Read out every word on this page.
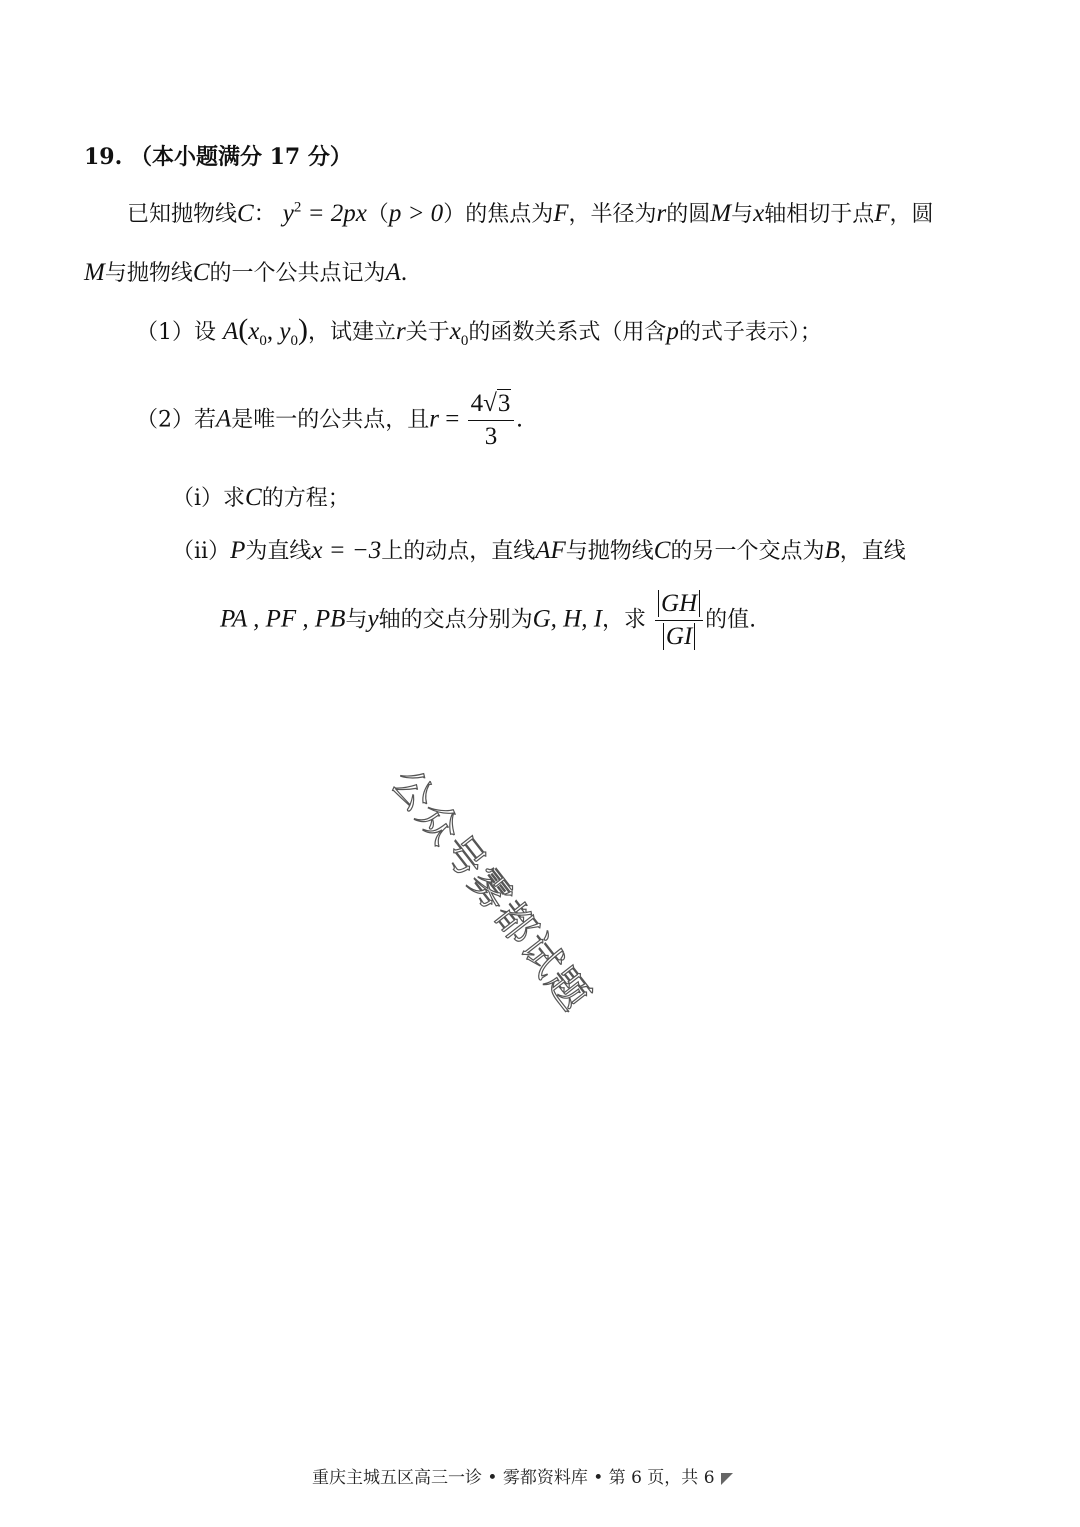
19. （本小题满分 17 分）
已知抛物线C： $y^2 = 2px(p > 0)$的焦点为F，半径为r的圆M与x轴相切于点F，圆
M与抛物线C的一个公共点记为A.
（1）设 $A(x_0$, $y_0$)，试建立r关于$x_0$的函数关系式（用含p的式子表示）；
（2）若A是唯一的公共点，且$r = \frac{4√3}{3}$ .
（i）求C的方程；
（ii）P为直线x = −3上的动点，直线AF与抛物线C的另一个交点为B，直线
PA , PF , PB与y轴的交点分别为G, H, I，求 $\frac{GH}{GI}$ 的值.
公众号雾都试题
重庆主城五区高三一诊 • 雾都资料库 • 第 6 页，共 6
